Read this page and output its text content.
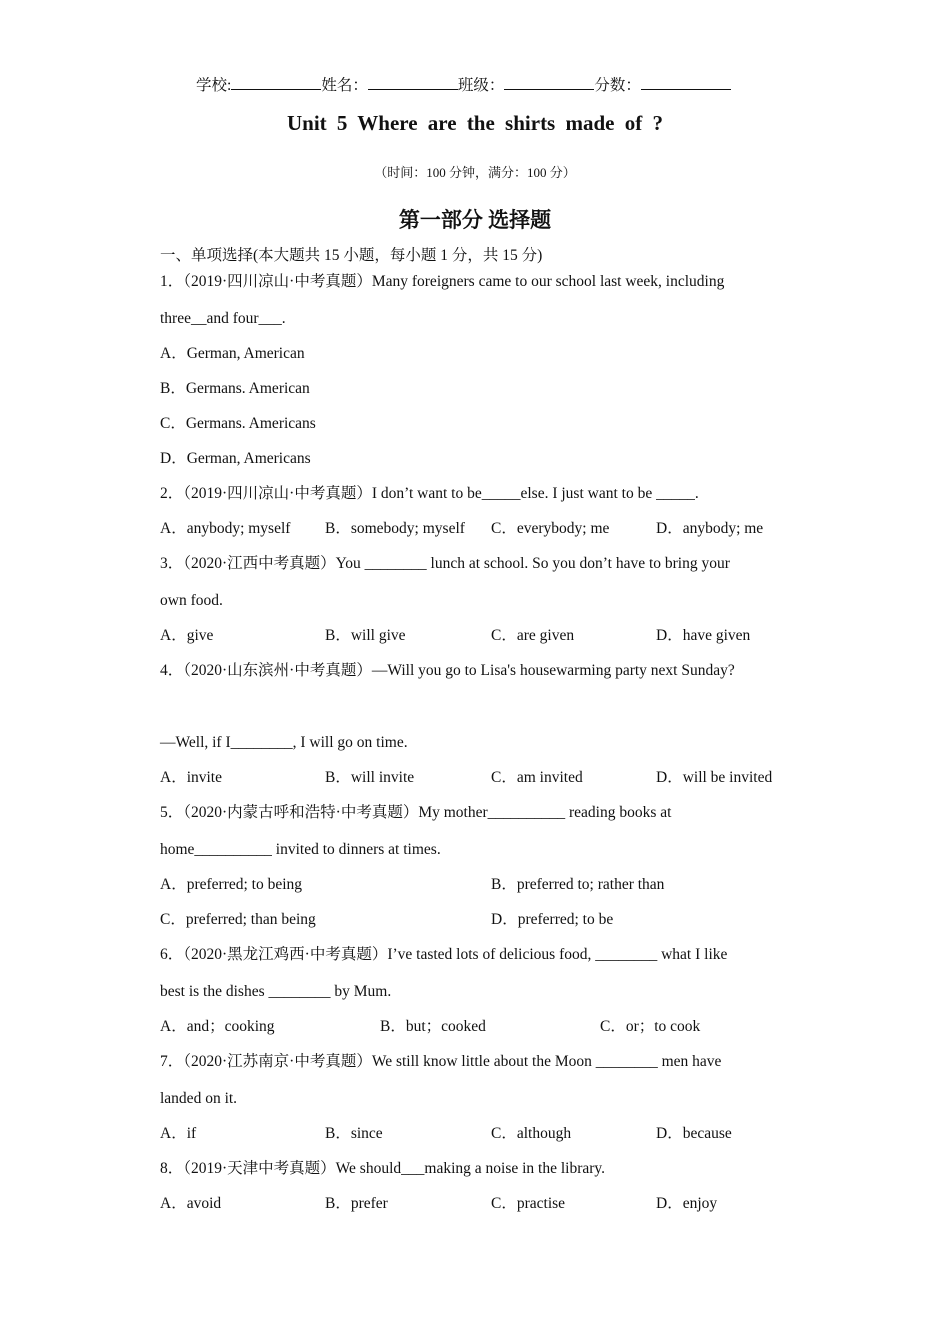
学校:	姓名：	班级：	分数：
Unit 5 Where are the shirts made of ?
（时间：100 分钟，满分：100 分）
第一部分 选择题
一、单项选择(本大题共 15 小题，每小题 1 分，共 15 分)
1．（2019·四川凉山·中考真题）Many foreigners came to our school last week, including
three__and four___.
A．German, American
B．Germans. American
C．Germans. Americans
D．German, Americans
2．（2019·四川凉山·中考真题）I don’t want to be_____else. I just want to be _____.
A．anybody; myself B．somebody; myself C．everybody; me	D．anybody; me
3．（2020·江西中考真题）You ________ lunch at school. So you don’t have to bring your
own food.
A．give	B．will give	C．are given	D．have given
4．（2020·山东滨州·中考真题）—Will you go to Lisa's housewarming party next Sunday?
—Well, if I________, I will go on time.
A．invite	B．will invite	C．am invited	D．will be invited
5．（2020·内蒙古呼和浩特·中考真题）My mother__________ reading books at
home__________ invited to dinners at times.
A．preferred; to being	B．preferred to; rather than
C．preferred; than being	D．preferred; to be
6．（2020·黑龙江鸡西·中考真题）I’ve tasted lots of delicious food, ________ what I like
best is the dishes ________ by Mum.
A．and；cooking	B．but；cooked	C．or；to cook
7．（2020·江苏南京·中考真题）We still know little about the Moon ________ men have
landed on it.
A．if	B．since	C．although	D．because
8．（2019·天津中考真题）We should___making a noise in the library.
A．avoid	B．prefer	C．practise	D．enjoy
